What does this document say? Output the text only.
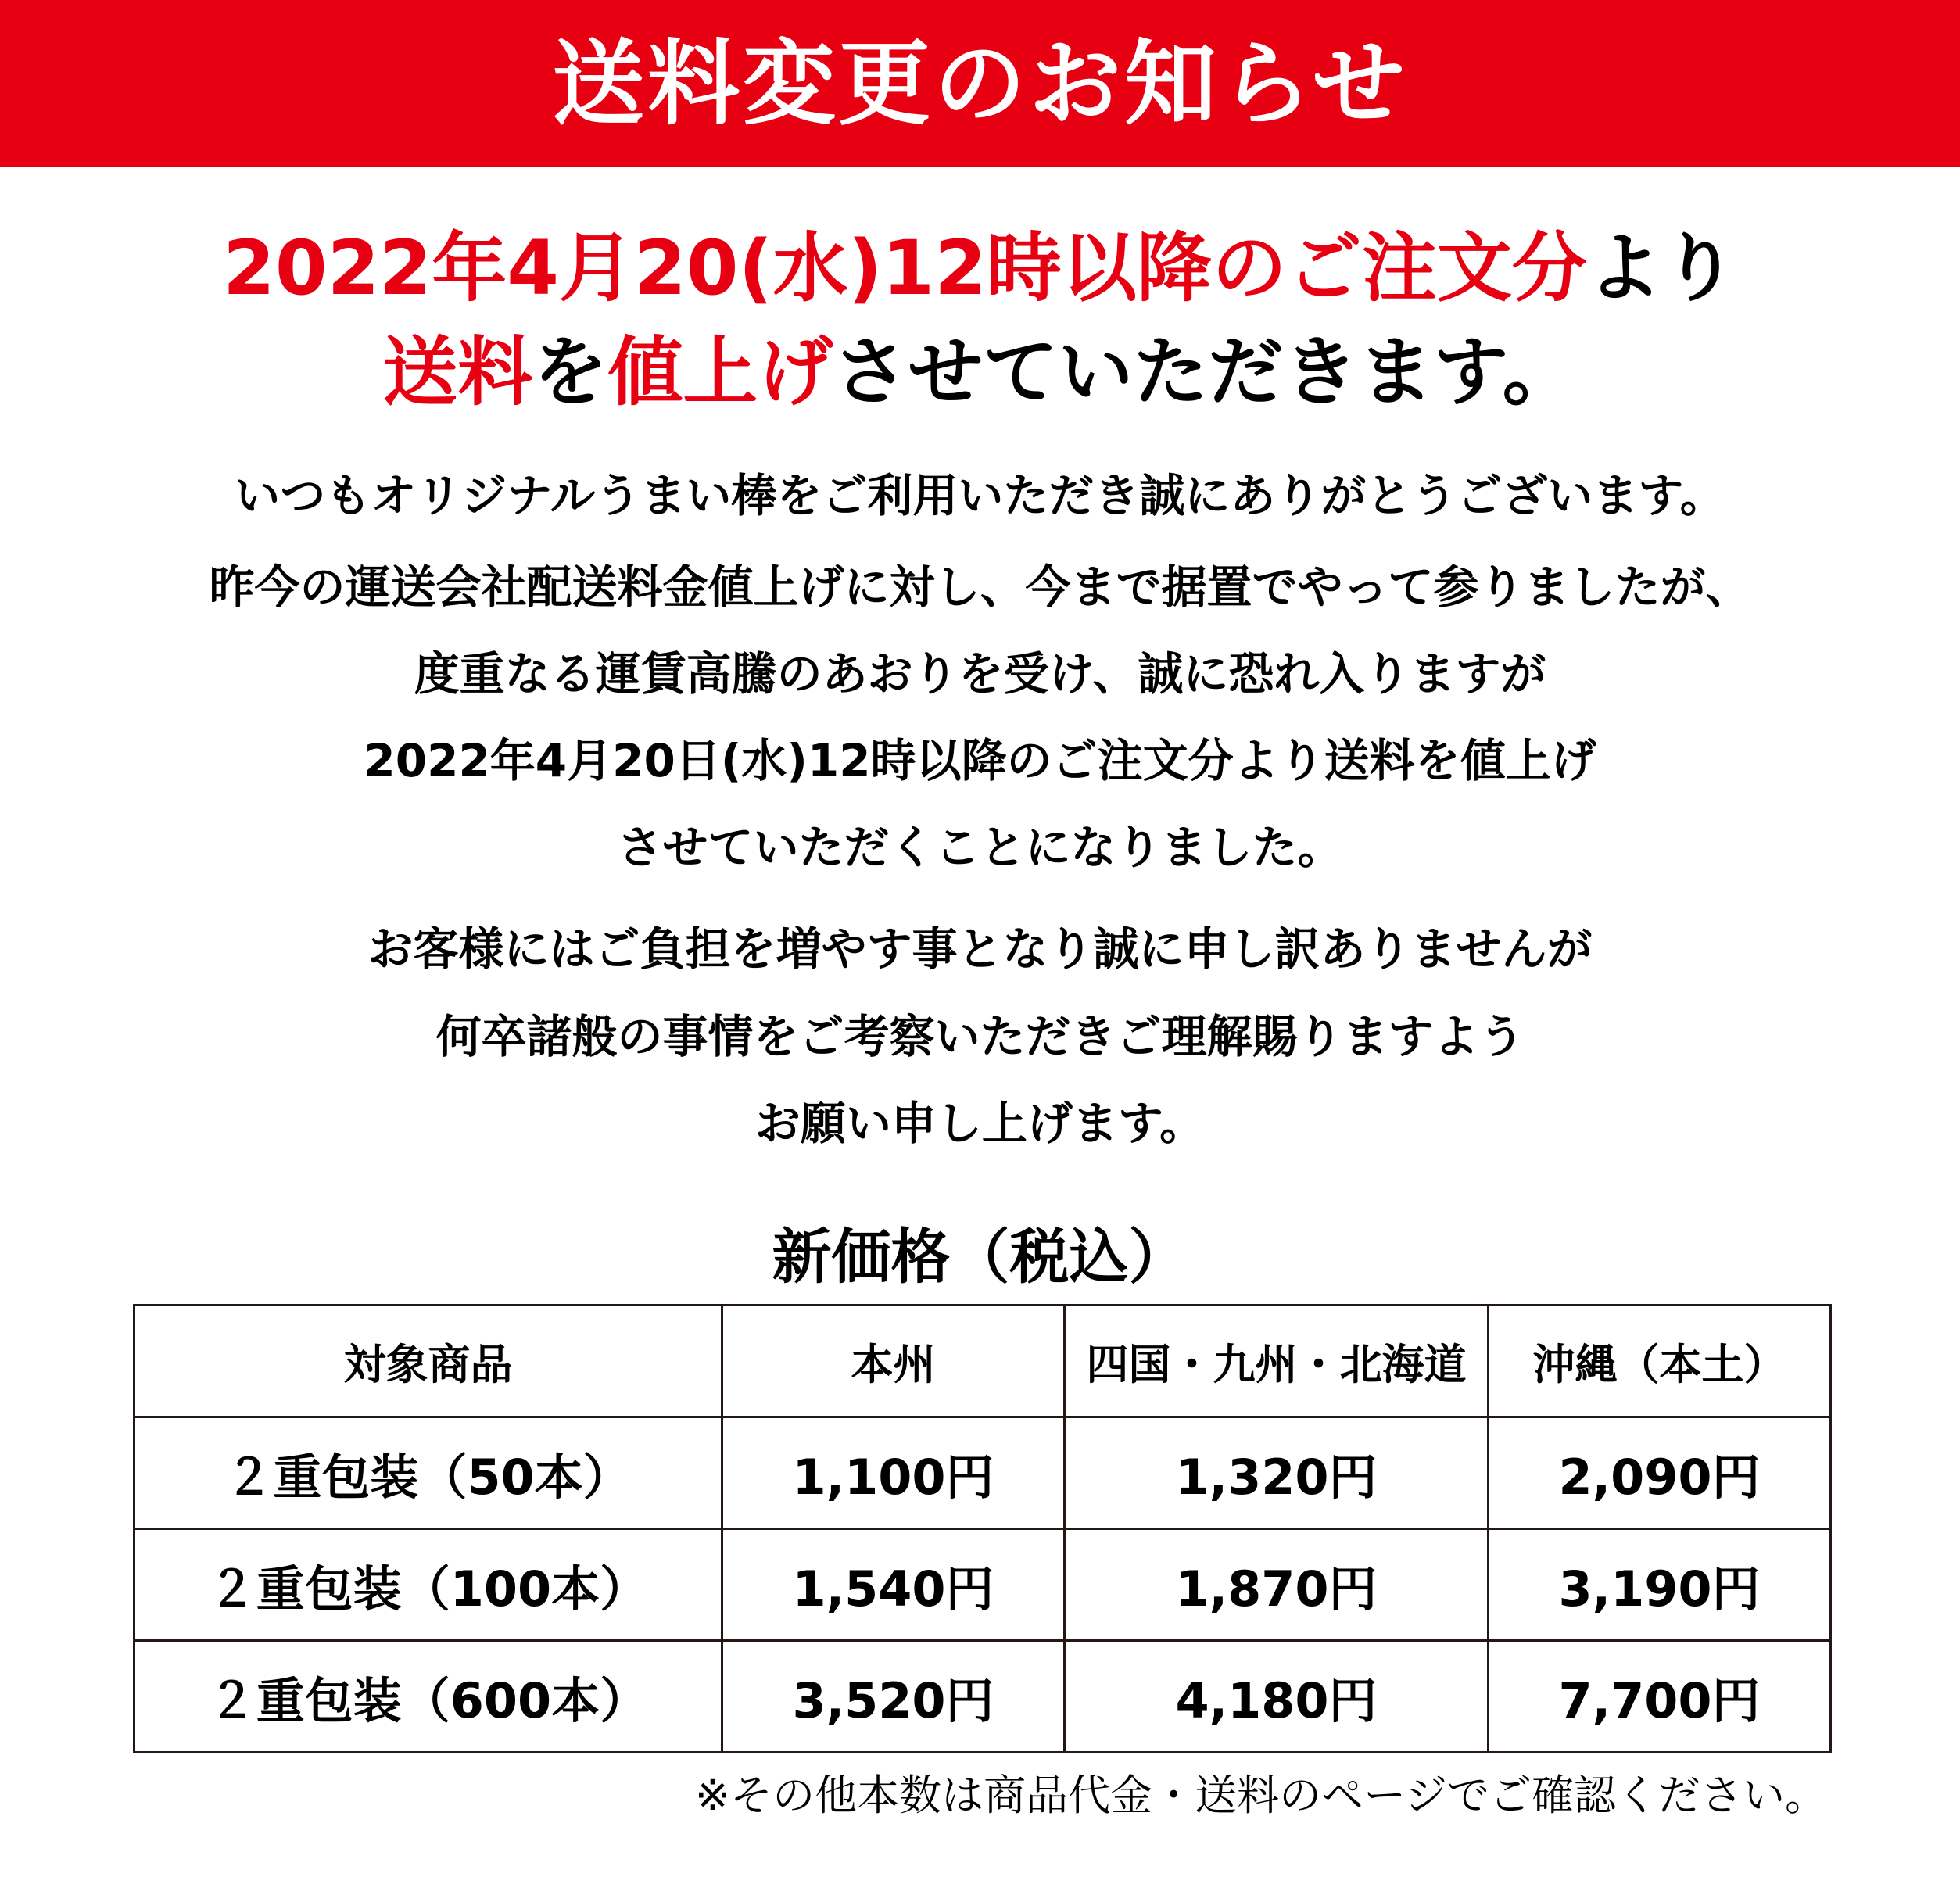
送料変更のお知らせ
2022年4月20(水)12時以降のご注文分より
送料を値上げさせていただきます。
いつもオリジナルうまい棒をご利用いただき誠にありがとうございます。
昨今の運送会社配送料金値上げに対し、今まで据置でやって参りましたが、
度重なる運賃高騰のあおりを受け、誠に恐れ入りますが
2022年4月20日(水)12時以降のご注文分より送料を値上げ
させていただくことになりました。
お客様にはご負担を増やす事となり誠に申し訳ありませんが
何卒諸般の事情をご考察いただきご理解賜りますよう
お願い申し上げます。
新価格（税込）
対象商品	本州	四国・九州・北海道	沖縄（本土）
２重包装（50本）	1,100円	1,320円	2,090円
２重包装（100本）	1,540円	1,870円	3,190円
２重包装（600本）	3,520円	4,180円	7,700円
※その他本数は商品代金・送料のページでご確認ください。
